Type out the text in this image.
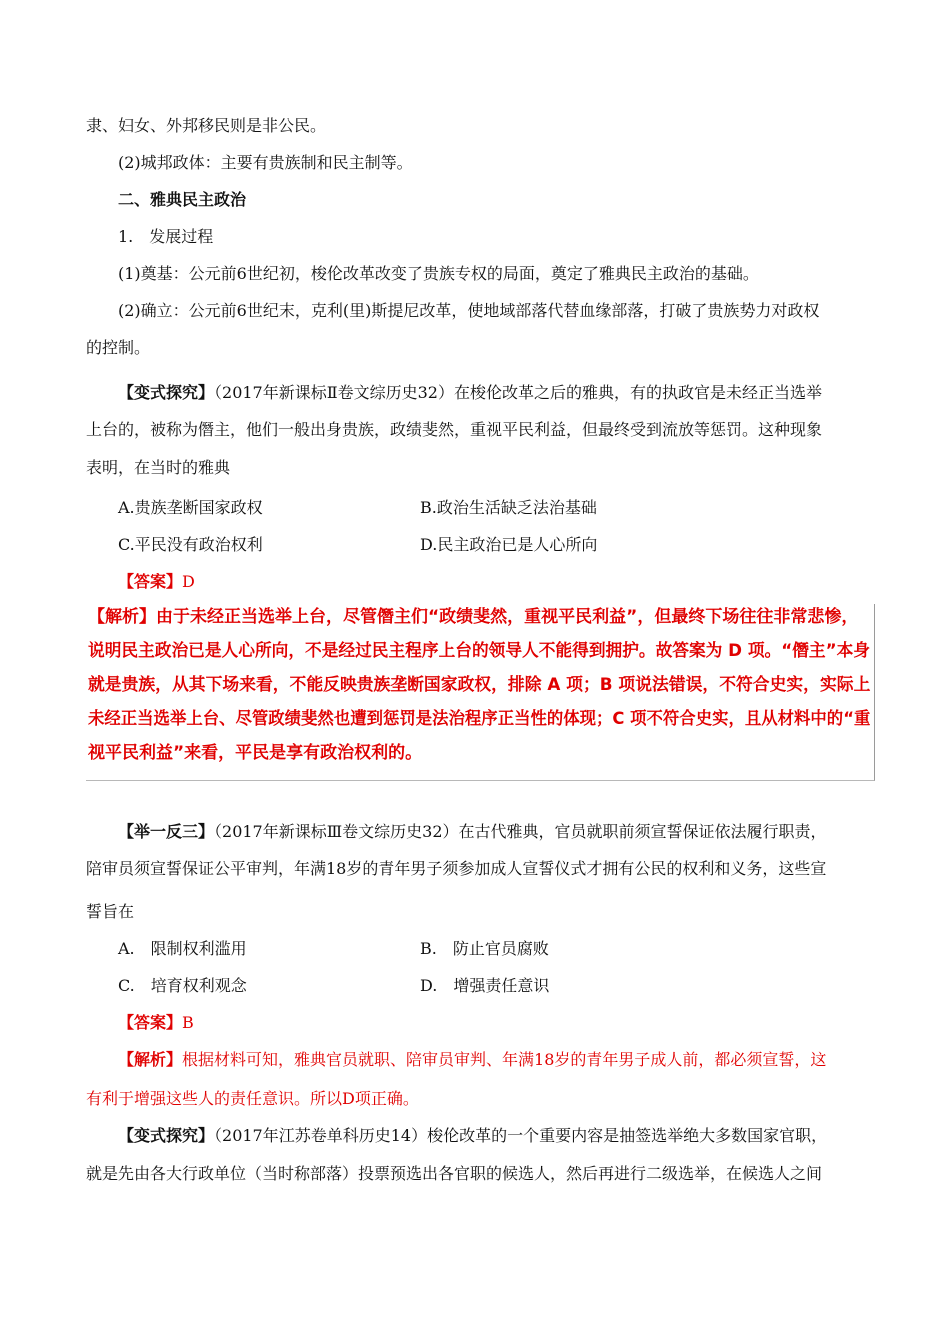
隶、妇女、外邦移民则是非公民。
(2)城邦政体：主要有贵族制和民主制等。
二、雅典民主政治
1.　发展过程
(1)奠基：公元前6世纪初，梭伦改革改变了贵族专权的局面，奠定了雅典民主政治的基础。
(2)确立：公元前6世纪末，克利(里)斯提尼改革，使地域部落代替血缘部落，打破了贵族势力对政权
的控制。
【变式探究】（2017年新课标Ⅱ卷文综历史32）在梭伦改革之后的雅典，有的执政官是未经正当选举
上台的，被称为僭主，他们一般出身贵族，政绩斐然，重视平民利益，但最终受到流放等惩罚。这种现象
表明，在当时的雅典
A.贵族垄断国家政权	B.政治生活缺乏法治基础
C.平民没有政治权利	D.民主政治已是人心所向
【答案】D
【解析】由于未经正当选举上台，尽管僭主们“政绩斐然，重视平民利益”，但最终下场往往非常悲惨，
说明民主政治已是人心所向，不是经过民主程序上台的领导人不能得到拥护。故答案为 D 项。“僭主”本身
就是贵族，从其下场来看，不能反映贵族垄断国家政权，排除 A 项；B 项说法错误，不符合史实，实际上
未经正当选举上台、尽管政绩斐然也遭到惩罚是法治程序正当性的体现；C 项不符合史实，且从材料中的“重
视平民利益”来看，平民是享有政治权利的。
【举一反三】（2017年新课标Ⅲ卷文综历史32）在古代雅典，官员就职前须宣誓保证依法履行职责，
陪审员须宣誓保证公平审判，年满18岁的青年男子须参加成人宣誓仪式才拥有公民的权利和义务，这些宣
誓旨在
A.　限制权利滥用	B.　防止官员腐败
C.　培育权利观念	D.　增强责任意识
【答案】B
【解析】根据材料可知，雅典官员就职、陪审员审判、年满18岁的青年男子成人前，都必须宣誓，这
有利于增强这些人的责任意识。所以D项正确。
【变式探究】（2017年江苏卷单科历史14）梭伦改革的一个重要内容是抽签选举绝大多数国家官职，
就是先由各大行政单位（当时称部落）投票预选出各官职的候选人，然后再进行二级选举，在候选人之间
